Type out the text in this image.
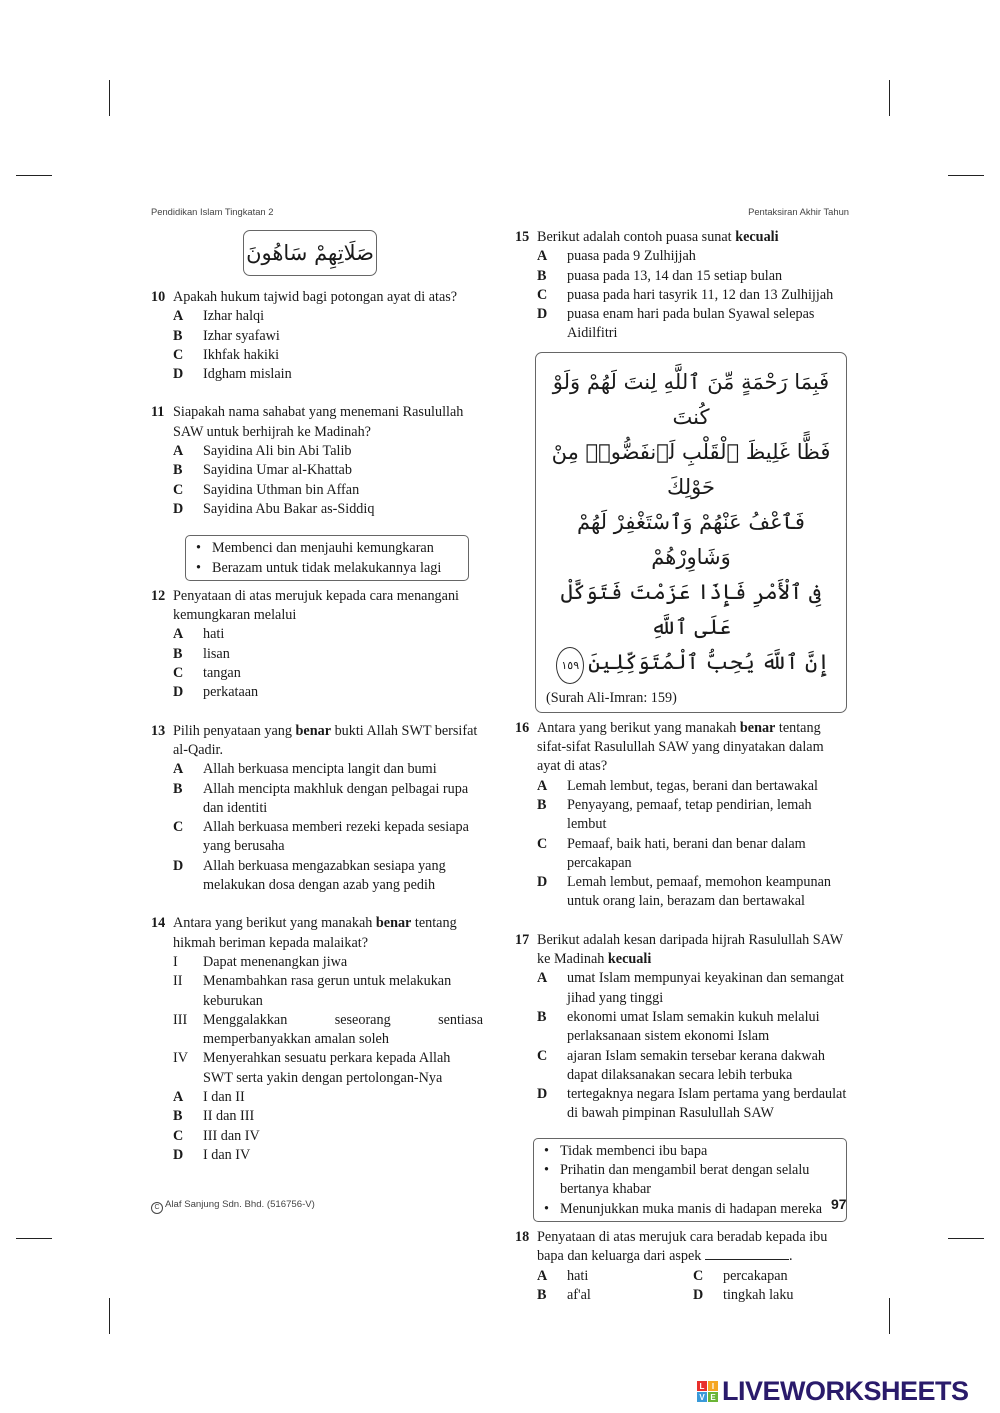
Pendidikan Islam Tingkatan 2	Pentaksiran Akhir Tahun
صَلَاتِهِمْ سَاهُونَ
10 Apakah hukum tajwid bagi potongan ayat di atas?
A Izhar halqi
B Izhar syafawi
C Ikhfak hakiki
D Idgham mislain
11 Siapakah nama sahabat yang menemani Rasulullah SAW untuk berhijrah ke Madinah?
A Sayidina Ali bin Abi Talib
B Sayidina Umar al-Khattab
C Sayidina Uthman bin Affan
D Sayidina Abu Bakar as-Siddiq
• Membenci dan menjauhi kemungkaran
• Berazam untuk tidak melakukannya lagi
12 Penyataan di atas merujuk kepada cara menangani kemungkaran melalui
A hati
B lisan
C tangan
D perkataan
13 Pilih penyataan yang benar bukti Allah SWT bersifat al-Qadir.
A Allah berkuasa mencipta langit dan bumi
B Allah mencipta makhluk dengan pelbagai rupa dan identiti
C Allah berkuasa memberi rezeki kepada sesiapa yang berusaha
D Allah berkuasa mengazabkan sesiapa yang melakukan dosa dengan azab yang pedih
14 Antara yang berikut yang manakah benar tentang hikmah beriman kepada malaikat?
I Dapat menenangkan jiwa
II Menambahkan rasa gerun untuk melakukan keburukan
III Menggalakkan seseorang sentiasa memperbanyakkan amalan soleh
IV Menyerahkan sesuatu perkara kepada Allah SWT serta yakin dengan pertolongan-Nya
A I dan II
B II dan III
C III dan IV
D I dan IV
15 Berikut adalah contoh puasa sunat kecuali
A puasa pada 9 Zulhijjah
B puasa pada 13, 14 dan 15 setiap bulan
C puasa pada hari tasyrik 11, 12 dan 13 Zulhijjah
D puasa enam hari pada bulan Syawal selepas Aidilfitri
فَبِمَا رَحْمَةٍ مِّنَ ٱللَّهِ لِنتَ لَهُمْ وَلَوْ كُنتَ
فَظًّا غَلِيظَ ٱلْقَلْبِ لَٱنفَضُّوا۟ مِنْ حَوْلِكَ
فَٱعْفُ عَنْهُمْ وَٱسْتَغْفِرْ لَهُمْ وَشَاوِرْهُمْ
فِى ٱلْأَمْرِ فَإِذَا عَزَمْتَ فَتَوَكَّلْ عَلَى ٱللَّهِ
إِنَّ ٱللَّهَ يُحِبُّ ٱلْمُتَوَكِّلِينَ١٥٩
(Surah Ali-Imran: 159)
16 Antara yang berikut yang manakah benar tentang sifat-sifat Rasulullah SAW yang dinyatakan dalam ayat di atas?
A Lemah lembut, tegas, berani dan bertawakal
B Penyayang, pemaaf, tetap pendirian, lemah lembut
C Pemaaf, baik hati, berani dan benar dalam percakapan
D Lemah lembut, pemaaf, memohon keampunan untuk orang lain, berazam dan bertawakal
17 Berikut adalah kesan daripada hijrah Rasulullah SAW ke Madinah kecuali
A umat Islam mempunyai keyakinan dan semangat jihad yang tinggi
B ekonomi umat Islam semakin kukuh melalui perlaksanaan sistem ekonomi Islam
C ajaran Islam semakin tersebar kerana dakwah dapat dilaksanakan secara lebih terbuka
D tertegaknya negara Islam pertama yang berdaulat di bawah pimpinan Rasulullah SAW
• Tidak membenci ibu bapa
• Prihatin dan mengambil berat dengan selalu bertanya khabar
• Menunjukkan muka manis di hadapan mereka
18 Penyataan di atas merujuk cara beradab kepada ibu bapa dan keluarga dari aspek	.
A hati	C percakapan
B af'al	D tingkah laku
C Alaf Sanjung Sdn. Bhd. (516756-V)	97
L I
V E LIVEWORKSHEETS
